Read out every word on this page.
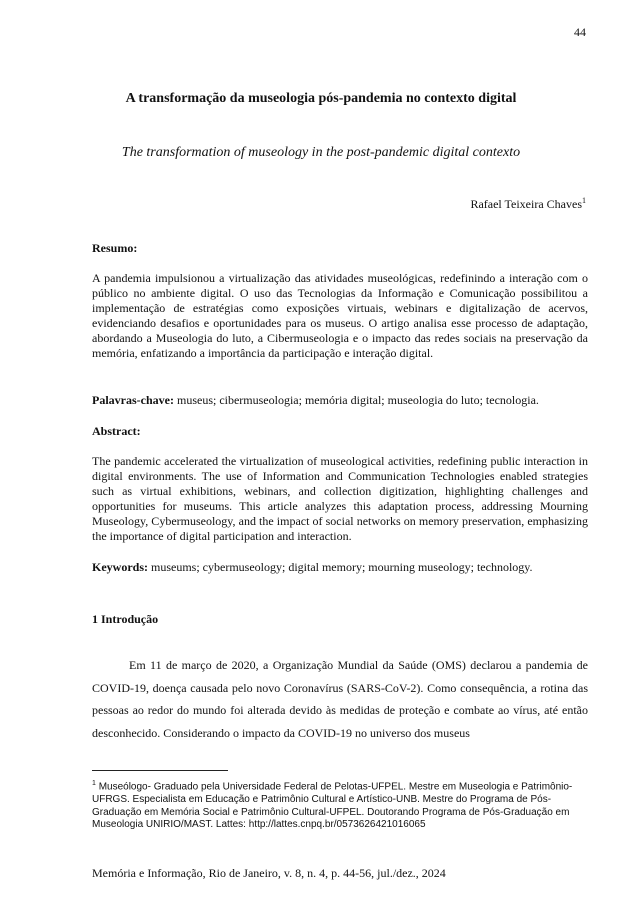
44
A transformação da museologia pós-pandemia no contexto digital
The transformation of museology in the post-pandemic digital contexto
Rafael Teixeira Chaves$^1$
Resumo:
A pandemia impulsionou a virtualização das atividades museológicas, redefinindo a interação com o público no ambiente digital. O uso das Tecnologias da Informação e Comunicação possibilitou a implementação de estratégias como exposições virtuais, webinars e digitalização de acervos, evidenciando desafios e oportunidades para os museus. O artigo analisa esse processo de adaptação, abordando a Museologia do luto, a Cibermuseologia e o impacto das redes sociais na preservação da memória, enfatizando a importância da participação e interação digital.
Palavras-chave: museus; cibermuseologia; memória digital; museologia do luto; tecnologia.
Abstract:
The pandemic accelerated the virtualization of museological activities, redefining public interaction in digital environments. The use of Information and Communication Technologies enabled strategies such as virtual exhibitions, webinars, and collection digitization, highlighting challenges and opportunities for museums. This article analyzes this adaptation process, addressing Mourning Museology, Cybermuseology, and the impact of social networks on memory preservation, emphasizing the importance of digital participation and interaction.
Keywords: museums; cybermuseology; digital memory; mourning museology; technology.
1 Introdução
Em 11 de março de 2020, a Organização Mundial da Saúde (OMS) declarou a pandemia de COVID-19, doença causada pelo novo Coronavírus (SARS-CoV-2). Como consequência, a rotina das pessoas ao redor do mundo foi alterada devido às medidas de proteção e combate ao vírus, até então desconhecido. Considerando o impacto da COVID-19 no universo dos museus
$^1$ Museólogo- Graduado pela Universidade Federal de Pelotas-UFPEL. Mestre em Museologia e Patrimônio-UFRGS. Especialista em Educação e Patrimônio Cultural e Artístico-UNB. Mestre do Programa de Pós-Graduação em Memória Social e Patrimônio Cultural-UFPEL. Doutorando Programa de Pós-Graduação em Museologia UNIRIO/MAST. Lattes: http://lattes.cnpq.br/0573626421016065
Memória e Informação, Rio de Janeiro, v. 8, n. 4, p. 44-56, jul./dez., 2024
